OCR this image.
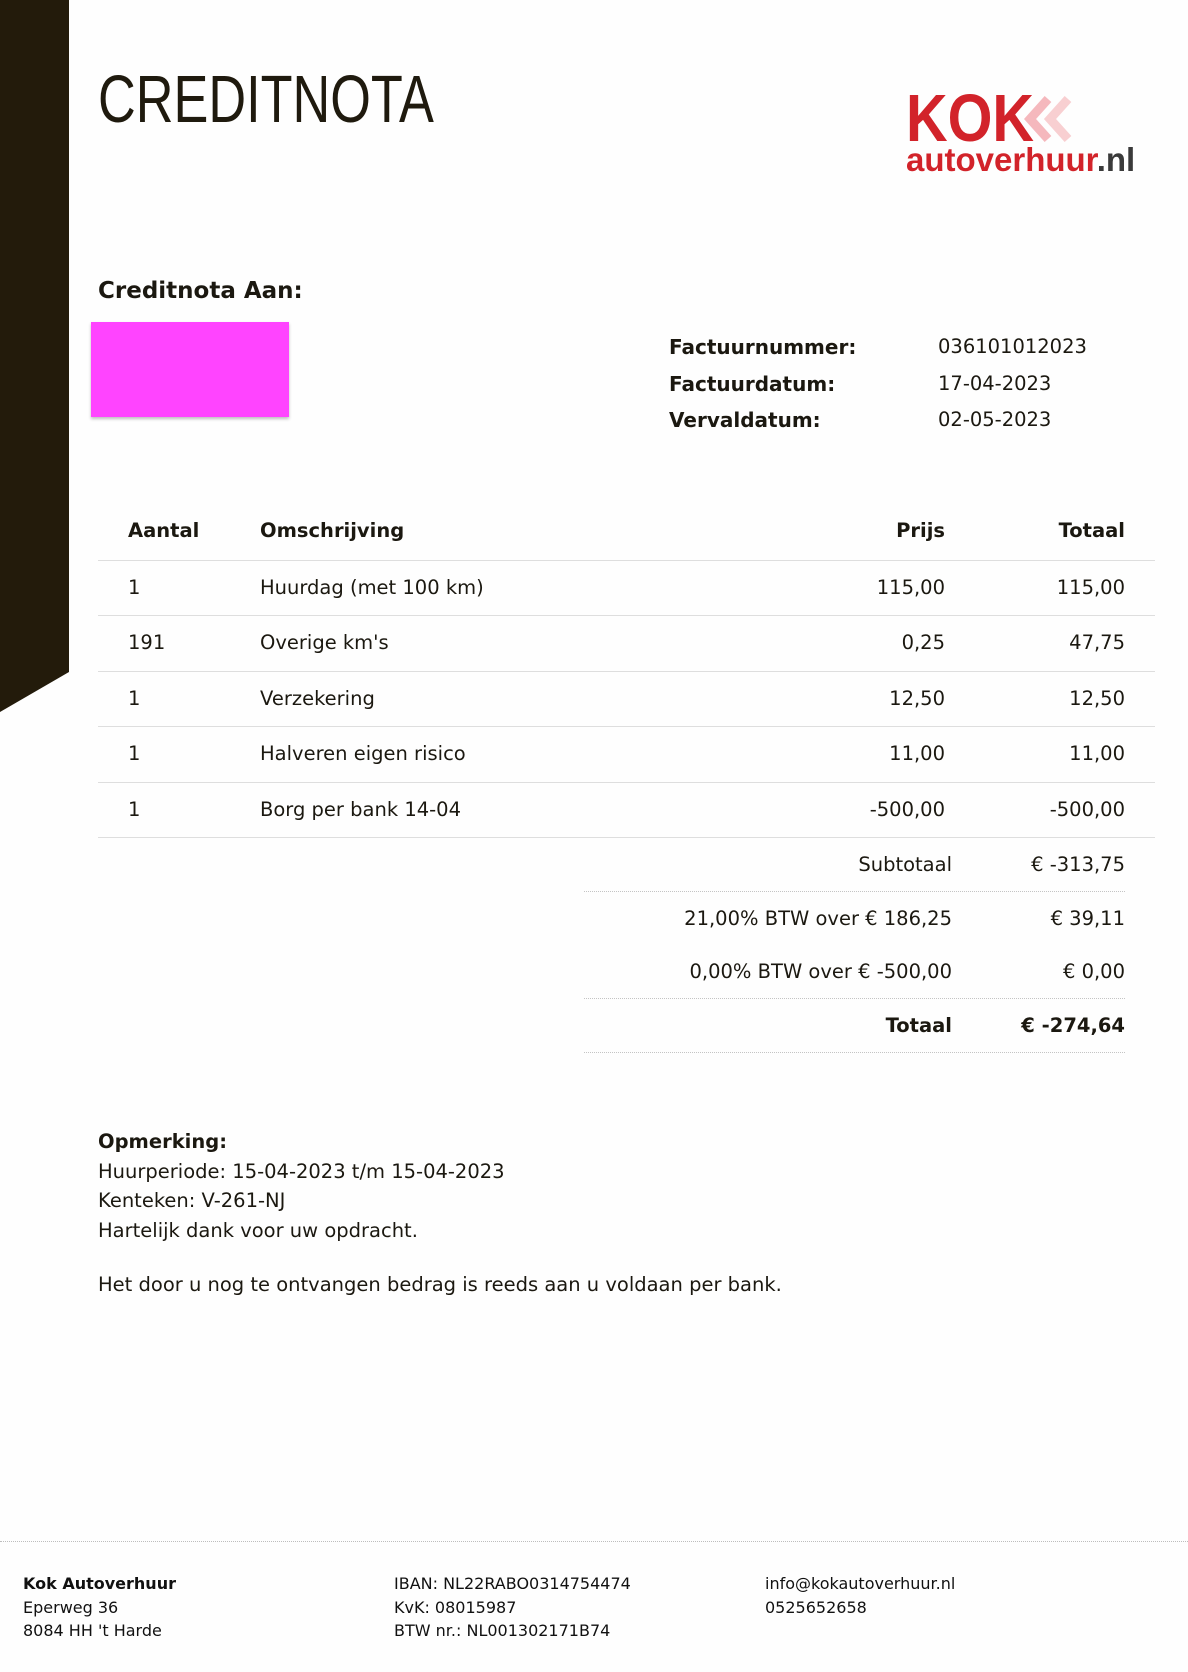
CREDITNOTA	KOK
autoverhuur.nl
Creditnota Aan:
Factuurnummer:	036101012023
Factuurdatum:	17-04-2023
Vervaldatum:	02-05-2023
Aantal	Omschrijving	Prijs	Totaal
1	Huurdag (met 100 km)	115,00	115,00
191	Overige km's	0,25	47,75
1	Verzekering	12,50	12,50
1	Halveren eigen risico	11,00	11,00
1	Borg per bank 14-04	-500,00	-500,00
Subtotaal	€ -313,75
21,00% BTW over € 186,25	€ 39,11
0,00% BTW over € -500,00	€ 0,00
Totaal	€ -274,64
Opmerking:
Huurperiode: 15-04-2023 t/m 15-04-2023
Kenteken: V-261-NJ
Hartelijk dank voor uw opdracht.
Het door u nog te ontvangen bedrag is reeds aan u voldaan per bank.
Kok Autoverhuur
Eperweg 36
8084 HH 't Harde
IBAN: NL22RABO0314754474
KvK: 08015987
BTW nr.: NL001302171B74
info@kokautoverhuur.nl
0525652658
